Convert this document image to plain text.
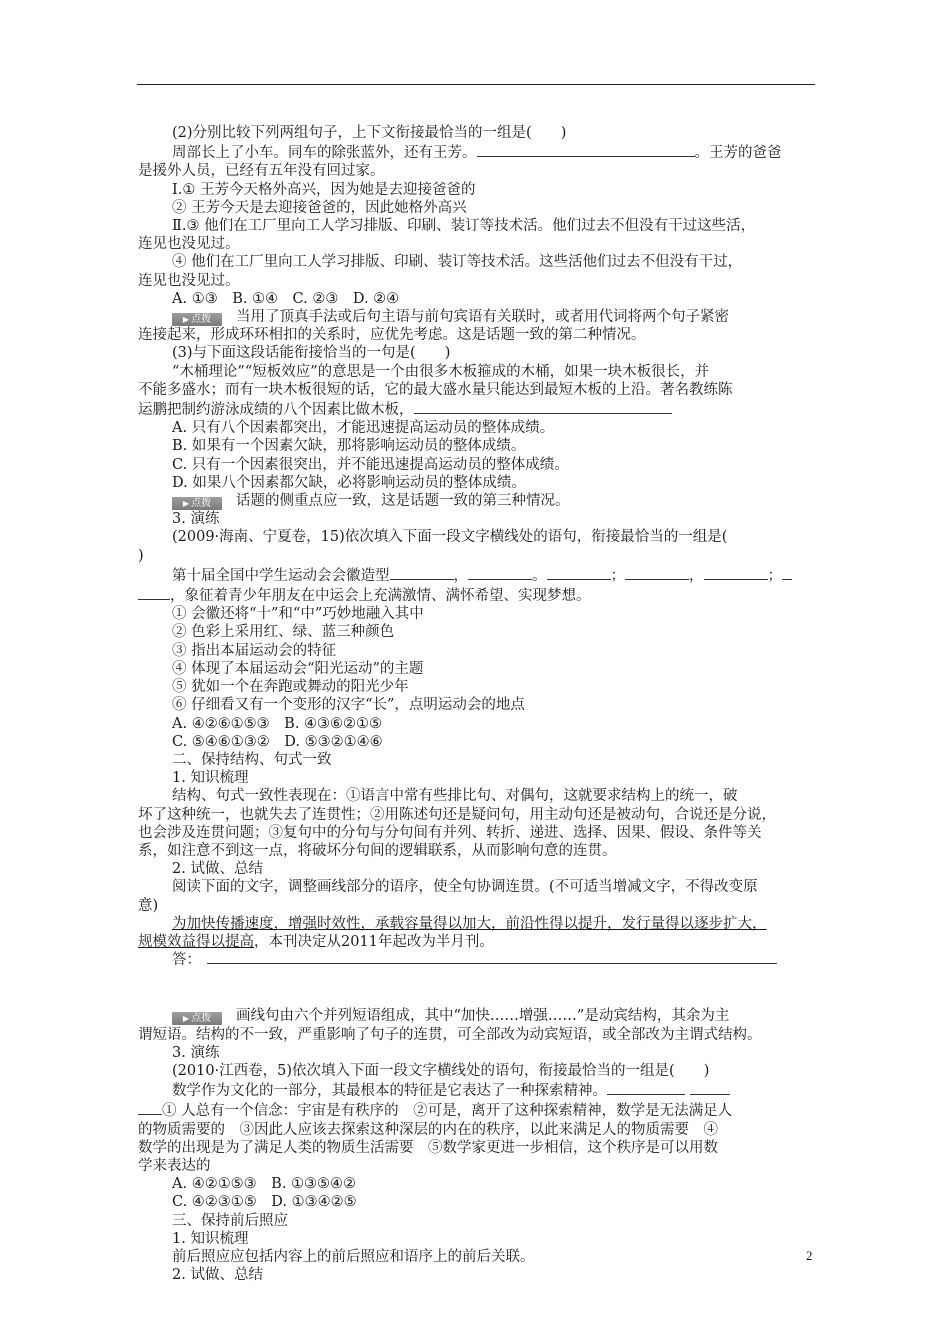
(2)分别比较下列两组句子，上下文衔接最恰当的一组是(　　)

周部长上了小车。同车的除张蓝外，还有王芳。	。王芳的爸爸

是援外人员，已经有五年没有回过家。

Ⅰ.① 王芳今天格外高兴，因为她是去迎接爸爸的

② 王芳今天是去迎接爸爸的，因此她格外高兴

Ⅱ.③ 他们在工厂里向工人学习排版、印刷、装订等技术活。他们过去不但没有干过这些活，

连见也没见过。

④ 他们在工厂里向工人学习排版、印刷、装订等技术活。这些活他们过去不但没有干过，

连见也没见过。

A. ①③　B. ①④　C. ②③　D. ②④

▶ 点拨 当用了顶真手法或后句主语与前句宾语有关联时，或者用代词将两个句子紧密

连接起来，形成环环相扣的关系时，应优先考虑。这是话题一致的第二种情况。

(3)与下面这段话能衔接恰当的一句是(　　)

“木桶理论”“短板效应”的意思是一个由很多木板箍成的木桶，如果一块木板很长，并

不能多盛水；而有一块木板很短的话，它的最大盛水量只能达到最短木板的上沿。著名教练陈

运鹏把制约游泳成绩的八个因素比做木板，

A. 只有八个因素都突出，才能迅速提高运动员的整体成绩。

B. 如果有一个因素欠缺，那将影响运动员的整体成绩。

C. 只有一个因素很突出，并不能迅速提高运动员的整体成绩。

D. 如果八个因素都欠缺，必将影响运动员的整体成绩。

▶ 点拨 话题的侧重点应一致，这是话题一致的第三种情况。

3. 演练

(2009·海南、宁夏卷，15)依次填入下面一段文字横线处的语句，衔接最恰当的一组是(

)

第十届全国中学生运动会会徽造型	，	。	；	，	；

，象征着青少年朋友在中运会上充满激情、满怀希望、实现梦想。

① 会徽还将“十”和“中”巧妙地融入其中

② 色彩上采用红、绿、蓝三种颜色

③ 指出本届运动会的特征

④ 体现了本届运动会“阳光运动”的主题

⑤ 犹如一个在奔跑或舞动的阳光少年

⑥ 仔细看又有一个变形的汉字“长”，点明运动会的地点

A. ④②⑥①⑤③　B. ④③⑥②①⑤

C. ⑤④⑥①③②　D. ⑤③②①④⑥

二、保持结构、句式一致

1. 知识梳理

结构、句式一致性表现在：①语言中常有些排比句、对偶句，这就要求结构上的统一，破

坏了这种统一，也就失去了连贯性；②用陈述句还是疑问句，用主动句还是被动句，合说还是分说，

也会涉及连贯问题；③复句中的分句与分句间有并列、转折、递进、选择、因果、假设、条件等关

系，如注意不到这一点，将破坏分句间的逻辑联系，从而影响句意的连贯。

2. 试做、总结

阅读下面的文字，调整画线部分的语序，使全句协调连贯。(不可适当增减文字，不得改变原

意)

为加快传播速度，增强时效性，承载容量得以加大，前沿性得以提升，发行量得以逐步扩大，

规模效益得以提高，本刊决定从2011年起改为半月刊。

答：

▶ 点拨 画线句由六个并列短语组成，其中“加快……增强……”是动宾结构，其余为主

谓短语。结构的不一致，严重影响了句子的连贯，可全部改为动宾短语，或全部改为主谓式结构。

3. 演练

(2010·江西卷，5)依次填入下面一段文字横线处的语句，衔接最恰当的一组是(　　)

数学作为文化的一部分，其最根本的特征是它表达了一种探索精神。

① 人总有一个信念：宇宙是有秩序的　②可是，离开了这种探索精神，数学是无法满足人

的物质需要的　③因此人应该去探索这种深层的内在的秩序，以此来满足人的物质需要　④

数学的出现是为了满足人类的物质生活需要　⑤数学家更进一步相信，这个秩序是可以用数

学来表达的

A. ④②①⑤③　B. ①③⑤④②

C. ④②③①⑤　D. ①③④②⑤

三、保持前后照应

1. 知识梳理

前后照应应包括内容上的前后照应和语序上的前后关联。

2. 试做、总结

2
